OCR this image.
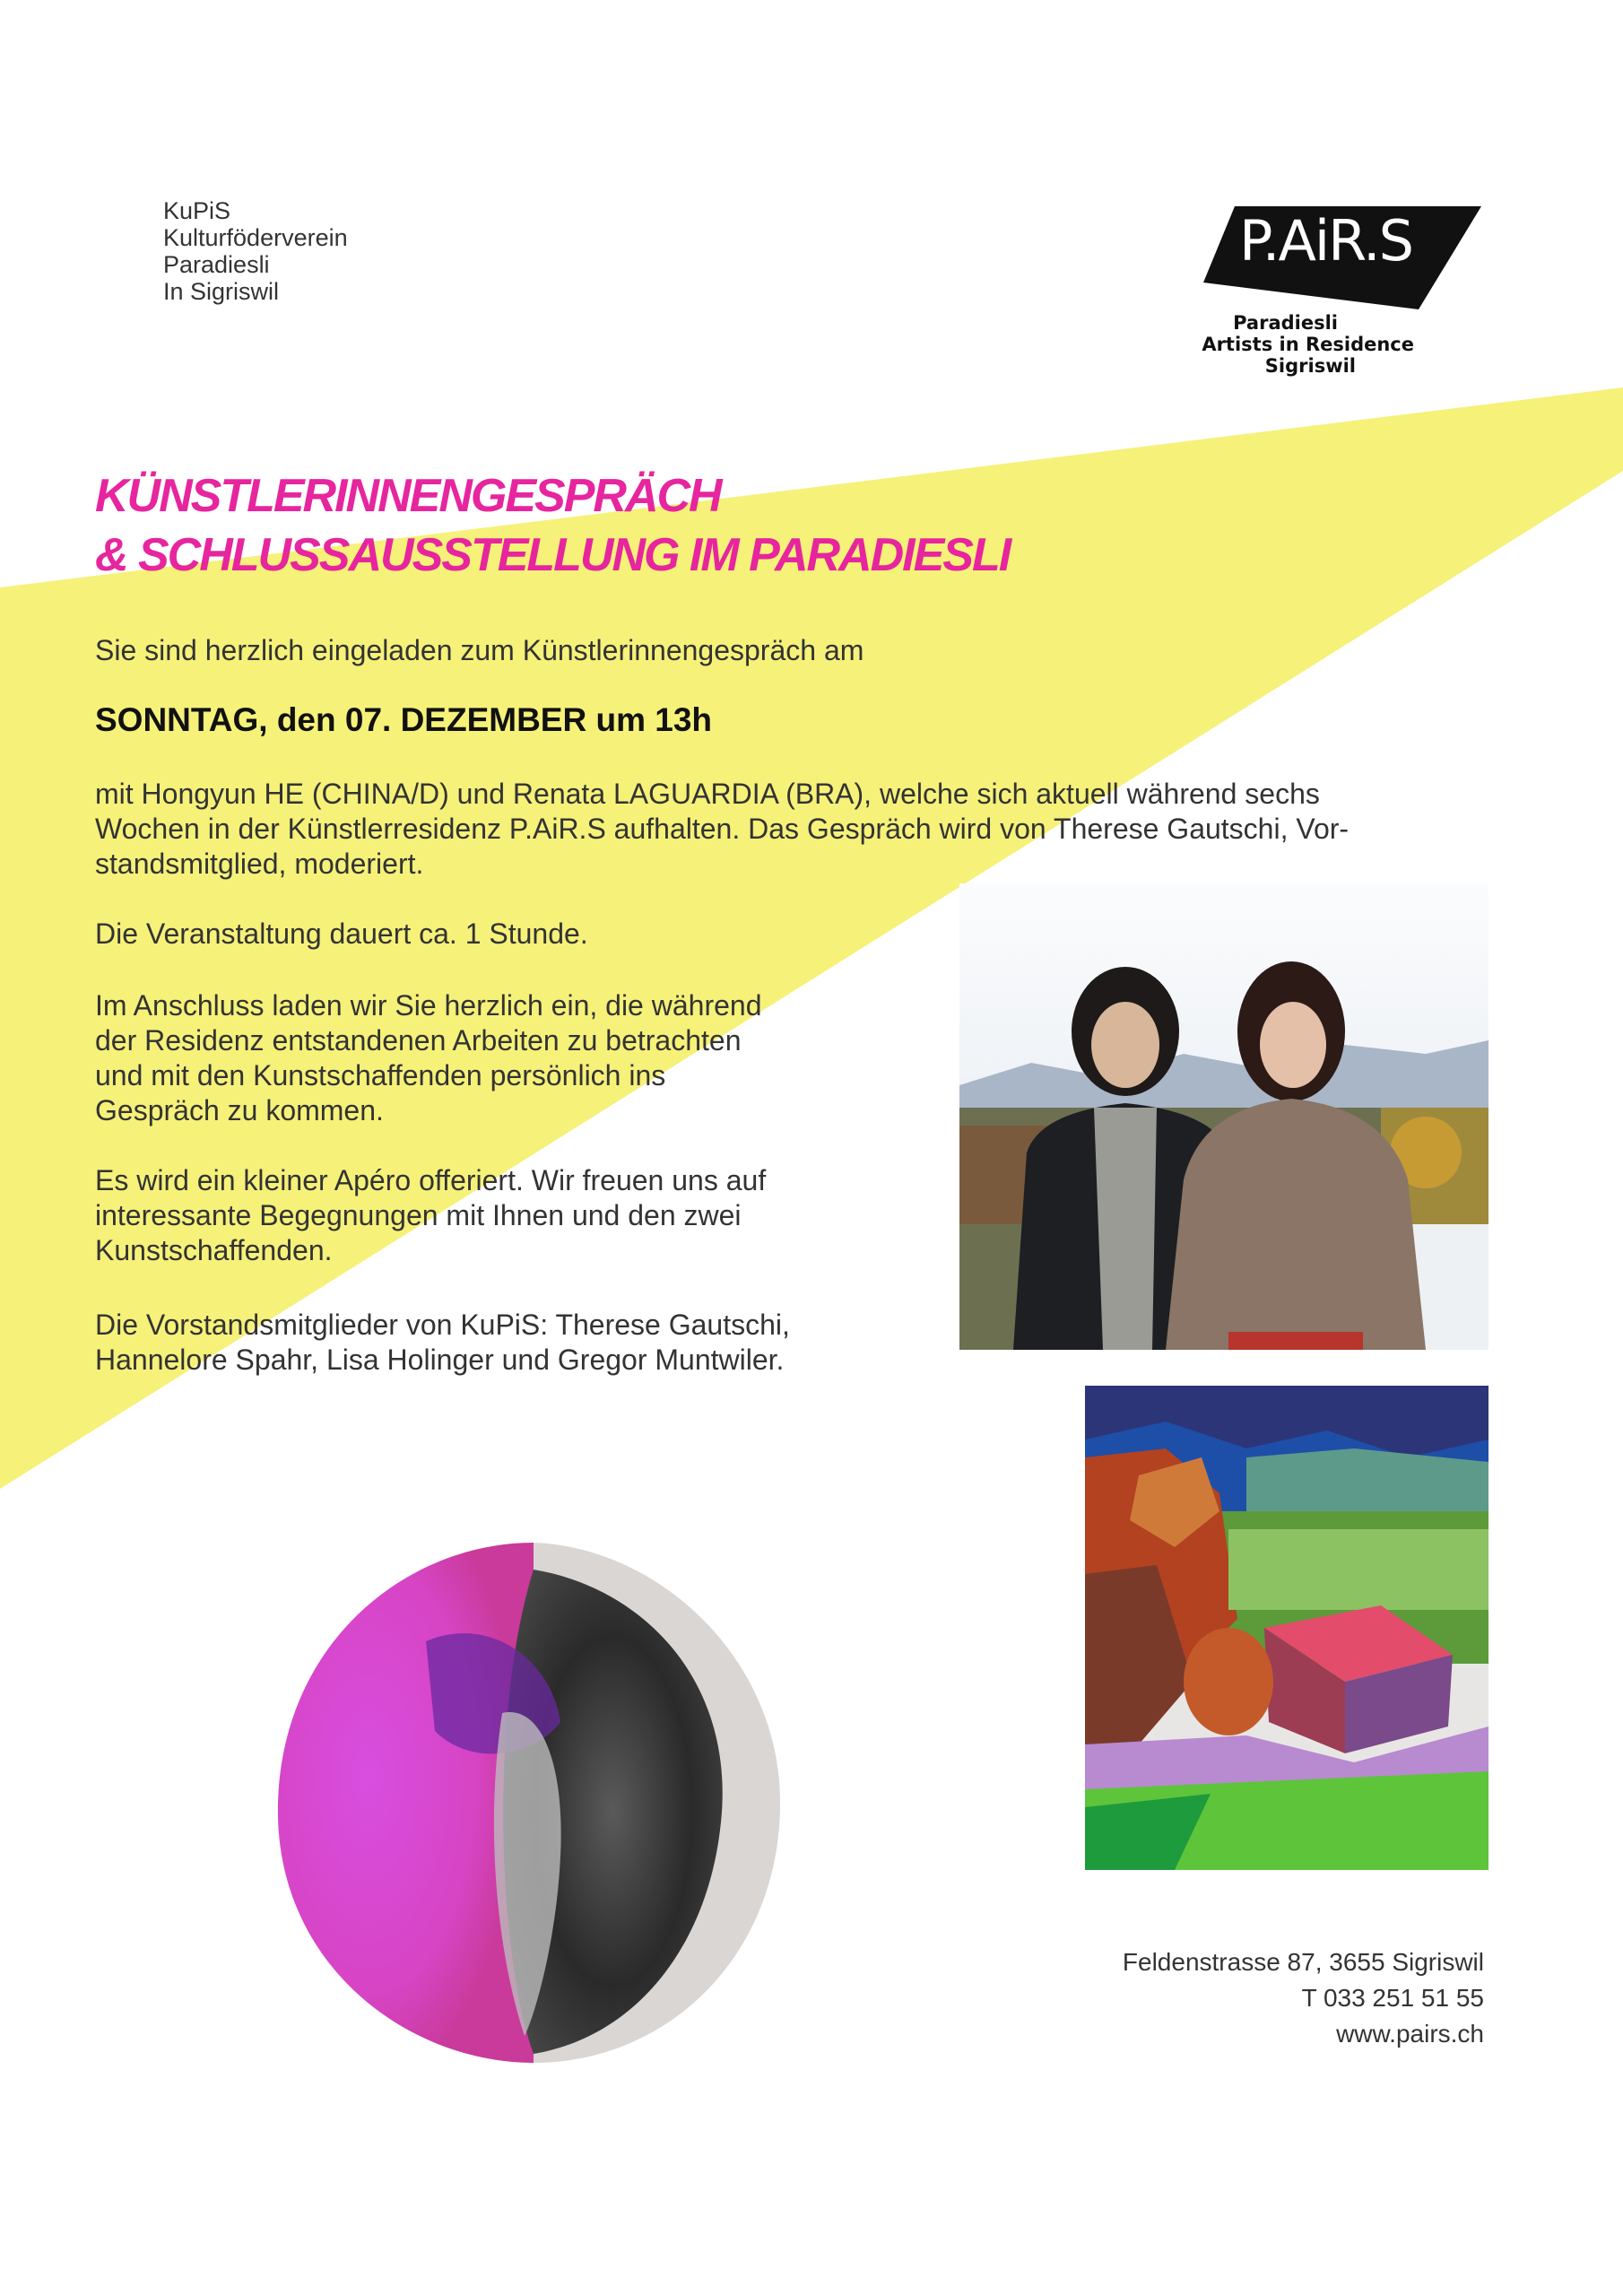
KuPiS
Kulturföderverein
Paradiesli
In Sigriswil
P.AiR.S
Paradiesli
Artists in Residence
Sigriswil
KÜNSTLERINNENGESPRÄCH
& SCHLUSSAUSSTELLUNG IM PARADIESLI
Sie sind herzlich eingeladen zum Künstlerinnengespräch am
SONNTAG, den 07. DEZEMBER um 13h
mit Hongyun HE (CHINA/D) und Renata LAGUARDIA (BRA), welche sich aktuell während sechs
Wochen in der Künstlerresidenz P.AiR.S aufhalten. Das Gespräch wird von Therese Gautschi, Vor-
standsmitglied, moderiert.
Die Veranstaltung dauert ca. 1 Stunde.
Im Anschluss laden wir Sie herzlich ein, die während
der Residenz entstandenen Arbeiten zu betrachten
und mit den Kunstschaffenden persönlich ins
Gespräch zu kommen.
Es wird ein kleiner Apéro offeriert. Wir freuen uns auf
interessante Begegnungen mit Ihnen und den zwei
Kunstschaffenden.
Die Vorstandsmitglieder von KuPiS: Therese Gautschi,
Hannelore Spahr, Lisa Holinger und Gregor Muntwiler.
Feldenstrasse 87, 3655 Sigriswil
T 033 251 51 55
www.pairs.ch
